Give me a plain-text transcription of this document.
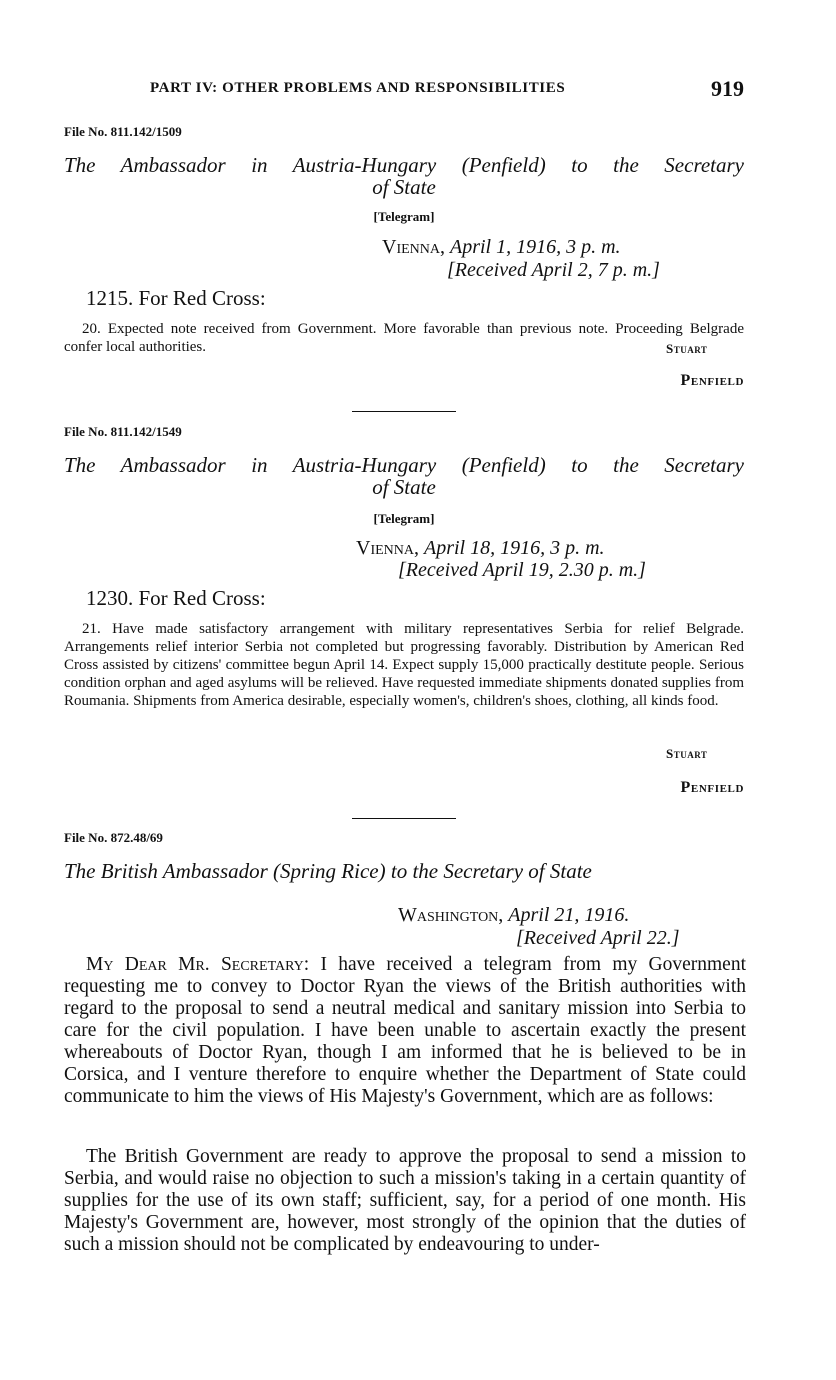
PART IV: OTHER PROBLEMS AND RESPONSIBILITIES	919
File No. 811.142/1509
The Ambassador in Austria-Hungary (Penfield) to the Secretary
of State
[Telegram]
Vienna, April 1, 1916, 3 p. m.
[Received April 2, 7 p. m.]
1215. For Red Cross:
20. Expected note received from Government. More favorable than previous note. Proceeding Belgrade confer local authorities.	Stuart
Penfield
File No. 811.142/1549
The Ambassador in Austria-Hungary (Penfield) to the Secretary
of State
[Telegram]
Vienna, April 18, 1916, 3 p. m.
[Received April 19, 2.30 p. m.]
1230. For Red Cross:
21. Have made satisfactory arrangement with military representatives Serbia for relief Belgrade. Arrangements relief interior Serbia not completed but progressing favorably. Distribution by American Red Cross assisted by citizens' committee begun April 14. Expect supply 15,000 practically destitute people. Serious condition orphan and aged asylums will be relieved. Have requested immediate shipments donated supplies from Roumania. Shipments from America desirable, especially women's, children's shoes, clothing, all kinds food.
Stuart
Penfield
File No. 872.48/69
The British Ambassador (Spring Rice) to the Secretary of State
Washington, April 21, 1916.
[Received April 22.]
My Dear Mr. Secretary: I have received a telegram from my Government requesting me to convey to Doctor Ryan the views of the British authorities with regard to the proposal to send a neutral medical and sanitary mission into Serbia to care for the civil population. I have been unable to ascertain exactly the present whereabouts of Doctor Ryan, though I am informed that he is believed to be in Corsica, and I venture therefore to enquire whether the Department of State could communicate to him the views of His Majesty's Government, which are as follows:
The British Government are ready to approve the proposal to send a mission to Serbia, and would raise no objection to such a mission's taking in a certain quantity of supplies for the use of its own staff; sufficient, say, for a period of one month. His Majesty's Government are, however, most strongly of the opinion that the duties of such a mission should not be complicated by endeavouring to under-
